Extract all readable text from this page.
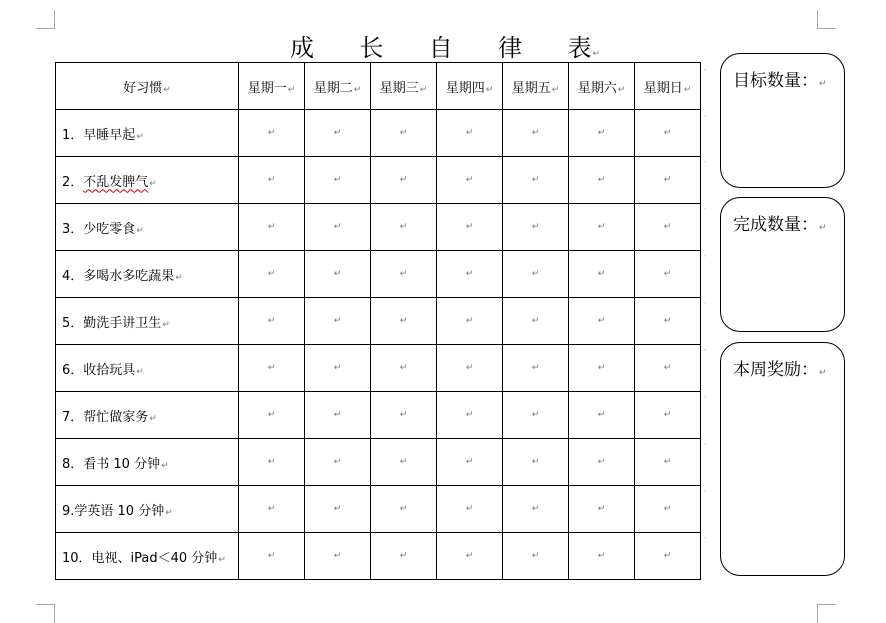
成 长 自 律 表↵
好习惯↵	星期一↵	星期二↵	星期三↵	星期四↵	星期五↵	星期六↵	星期日↵
1．早睡早起↵	↵	↵	↵	↵	↵	↵	↵
2．不乱发脾气↵	↵	↵	↵	↵	↵	↵	↵
3．少吃零食↵	↵	↵	↵	↵	↵	↵	↵
4．多喝水多吃蔬果↵	↵	↵	↵	↵	↵	↵	↵
5．勤洗手讲卫生↵	↵	↵	↵	↵	↵	↵	↵
6．收拾玩具↵	↵	↵	↵	↵	↵	↵	↵
7．帮忙做家务↵	↵	↵	↵	↵	↵	↵	↵
8．看书 10 分钟↵	↵	↵	↵	↵	↵	↵	↵
9.学英语 10 分钟↵	↵	↵	↵	↵	↵	↵	↵
10．电视、iPad＜40 分钟↵	↵	↵	↵	↵	↵	↵	↵
目标数量：↵
完成数量：↵
本周奖励：↵
ʼ
ʼ
ʼ
ʼ
ʼ
ʼ
ʼ
ʼ
ʼ
ʼ
ʼ
